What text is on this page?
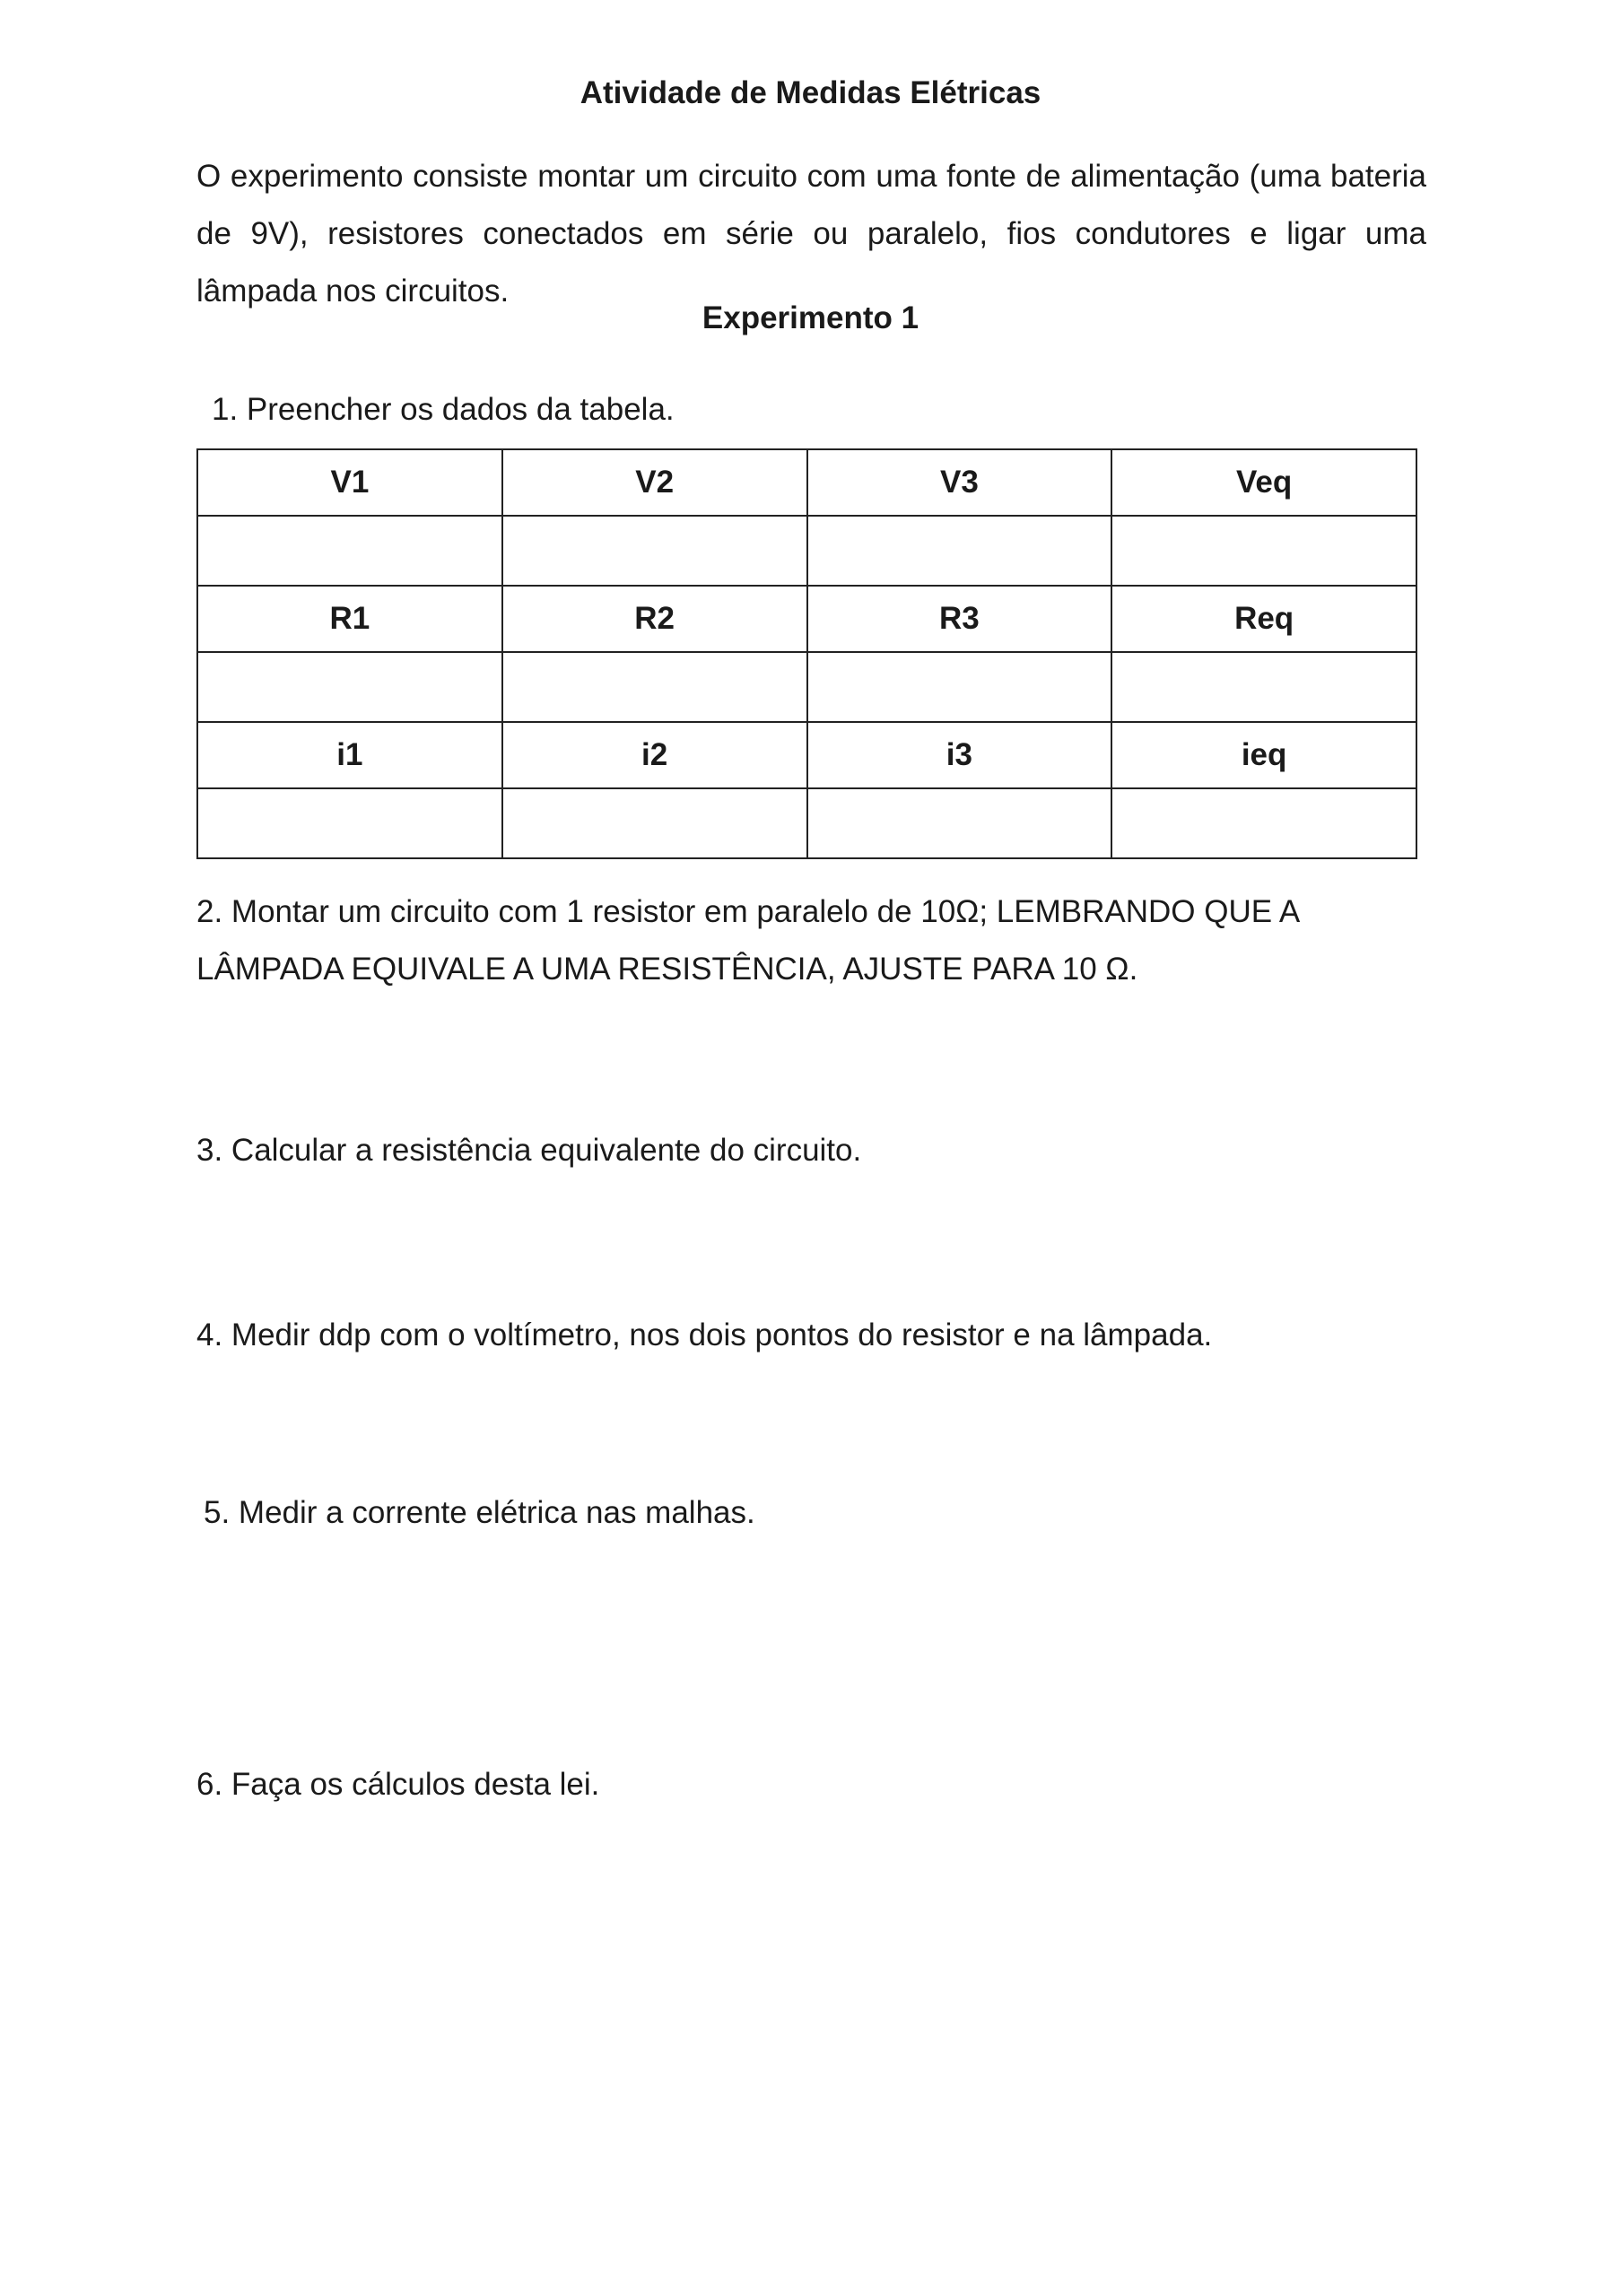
Atividade de Medidas Elétricas
O experimento consiste montar um circuito com uma fonte de alimentação (uma bateria de 9V), resistores conectados em série ou paralelo, fios condutores e ligar uma lâmpada nos circuitos.
Experimento 1
1. Preencher os dados da tabela.
V1	V2	V3	Veq

R1	R2	R3	Req

i1	i2	i3	ieq

2. Montar um circuito com 1 resistor em paralelo de 10Ω; LEMBRANDO QUE A LÂMPADA EQUIVALE A UMA RESISTÊNCIA, AJUSTE PARA 10 Ω.
3. Calcular a resistência equivalente do circuito.
4. Medir ddp com o voltímetro, nos dois pontos do resistor e na lâmpada.
5. Medir a corrente elétrica nas malhas.
6. Faça os cálculos desta lei.
